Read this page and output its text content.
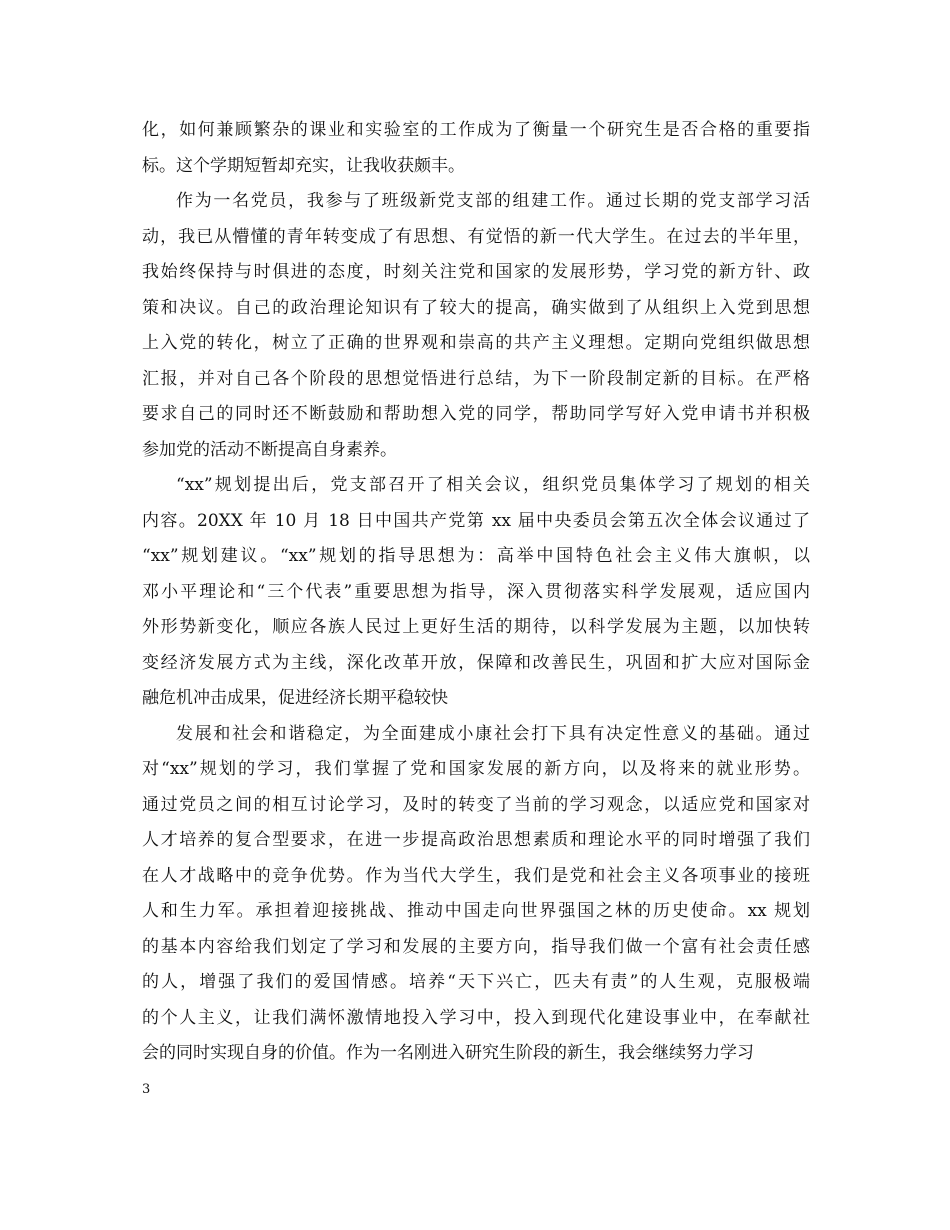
化，如何兼顾繁杂的课业和实验室的工作成为了衡量一个研究生是否合格的重要指
标。这个学期短暂却充实，让我收获颇丰。
作为一名党员，我参与了班级新党支部的组建工作。通过长期的党支部学习活
动，我已从懵懂的青年转变成了有思想、有觉悟的新一代大学生。在过去的半年里，
我始终保持与时俱进的态度，时刻关注党和国家的发展形势，学习党的新方针、政
策和决议。自己的政治理论知识有了较大的提高，确实做到了从组织上入党到思想
上入党的转化，树立了正确的世界观和崇高的共产主义理想。定期向党组织做思想
汇报，并对自己各个阶段的思想觉悟进行总结，为下一阶段制定新的目标。在严格
要求自己的同时还不断鼓励和帮助想入党的同学，帮助同学写好入党申请书并积极
参加党的活动不断提高自身素养。
“xx”规划提出后，党支部召开了相关会议，组织党员集体学习了规划的相关
内容。20XX 年 10 月 18 日中国共产党第 xx 届中央委员会第五次全体会议通过了
“xx”规划建议。“xx”规划的指导思想为：高举中国特色社会主义伟大旗帜，以
邓小平理论和“三个代表”重要思想为指导，深入贯彻落实科学发展观，适应国内
外形势新变化，顺应各族人民过上更好生活的期待，以科学发展为主题，以加快转
变经济发展方式为主线，深化改革开放，保障和改善民生，巩固和扩大应对国际金
融危机冲击成果，促进经济长期平稳较快
发展和社会和谐稳定，为全面建成小康社会打下具有决定性意义的基础。通过
对“xx”规划的学习，我们掌握了党和国家发展的新方向，以及将来的就业形势。
通过党员之间的相互讨论学习，及时的转变了当前的学习观念，以适应党和国家对
人才培养的复合型要求，在进一步提高政治思想素质和理论水平的同时增强了我们
在人才战略中的竞争优势。作为当代大学生，我们是党和社会主义各项事业的接班
人和生力军。承担着迎接挑战、推动中国走向世界强国之林的历史使命。xx 规划
的基本内容给我们划定了学习和发展的主要方向，指导我们做一个富有社会责任感
的人，增强了我们的爱国情感。培养“天下兴亡，匹夫有责”的人生观，克服极端
的个人主义，让我们满怀激情地投入学习中，投入到现代化建设事业中，在奉献社
会的同时实现自身的价值。作为一名刚进入研究生阶段的新生，我会继续努力学习
3
